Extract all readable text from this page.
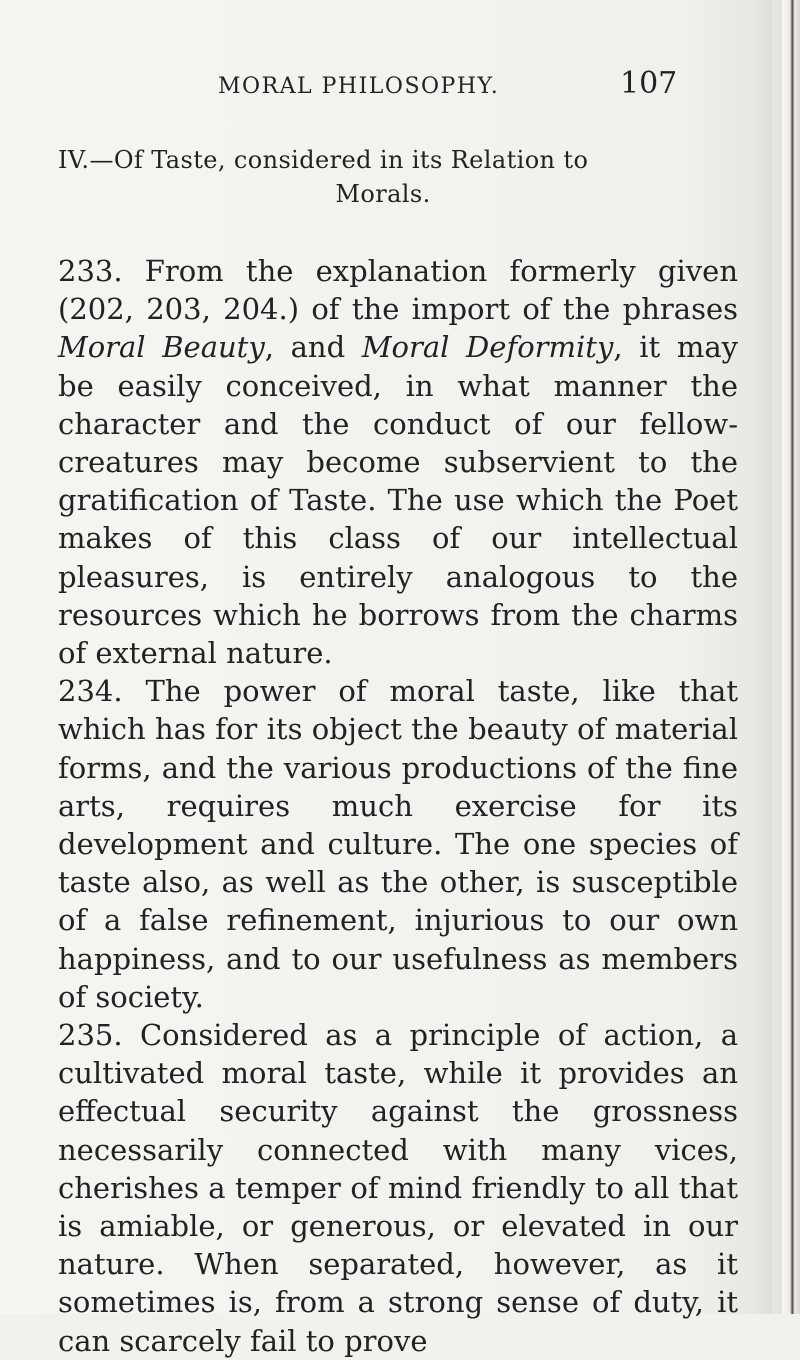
MORAL PHILOSOPHY.	107
IV.—Of Taste, considered in its Relation to
Morals.

233. From the explanation formerly given (202, 203, 204.) of the import of the phrases Moral Beauty, and Moral Deformity, it may be easily conceived, in what manner the character and the conduct of our fellow-creatures may become subservient to the gratification of Taste. The use which the Poet makes of this class of our intellectual pleasures, is entirely analogous to the resources which he borrows from the charms of external nature.

234. The power of moral taste, like that which has for its object the beauty of material forms, and the various productions of the fine arts, requires much exercise for its development and culture. The one species of taste also, as well as the other, is susceptible of a false refinement, injurious to our own happiness, and to our usefulness as members of society.

235. Considered as a principle of action, a cultivated moral taste, while it provides an effectual security against the grossness necessarily connected with many vices, cherishes a temper of mind friendly to all that is amiable, or generous, or elevated in our nature. When separated, however, as it sometimes is, from a strong sense of duty, it can scarcely fail to prove
